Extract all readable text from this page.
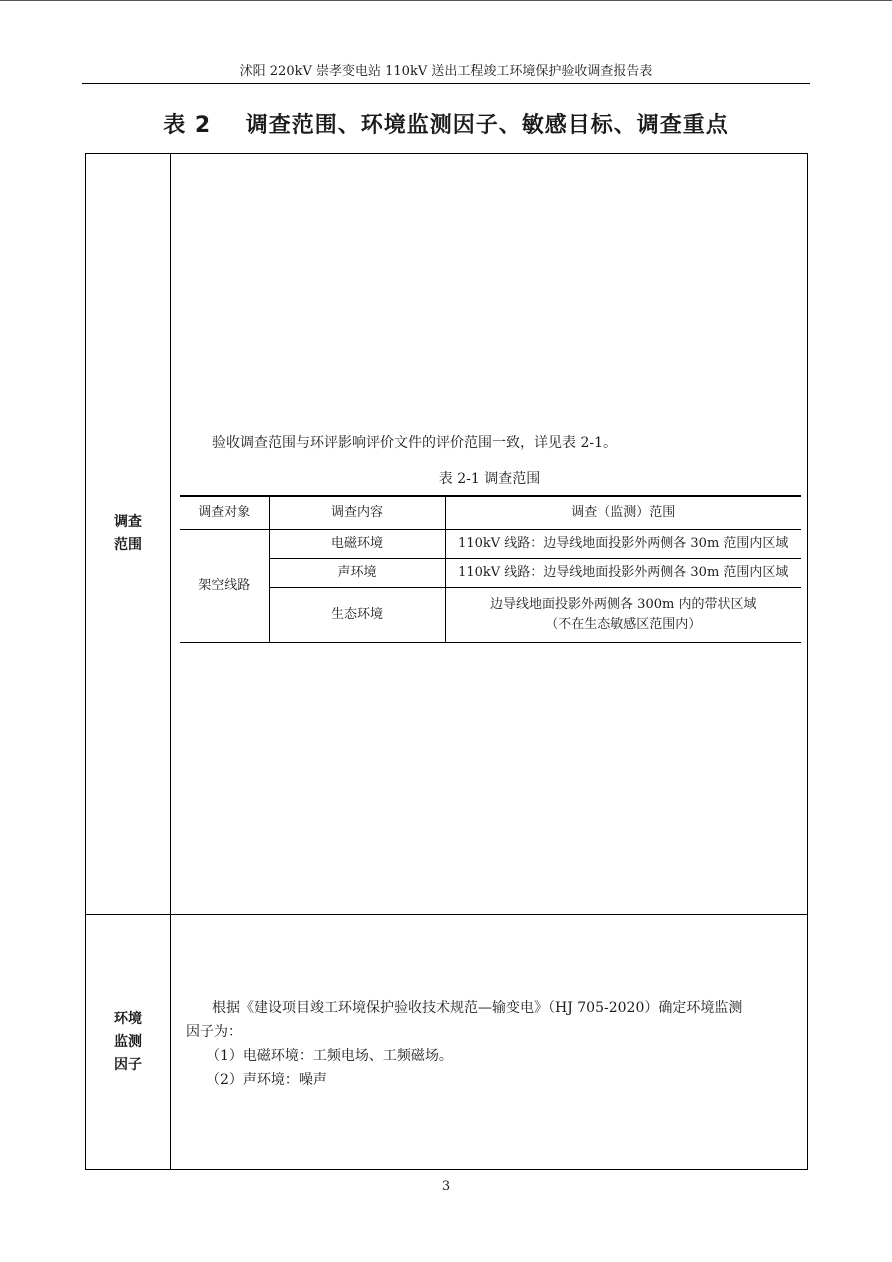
沭阳 220kV 崇孝变电站 110kV 送出工程竣工环境保护验收调查报告表
表 2    调查范围、环境监测因子、敏感目标、调查重点
调查
范围
验收调查范围与环评影响评价文件的评价范围一致，详见表 2-1。
表 2-1 调查范围
调查对象	调查内容	调查（监测）范围
架空线路	电磁环境	110kV 线路：边导线地面投影外两侧各 30m 范围内区域
	声环境	110kV 线路：边导线地面投影外两侧各 30m 范围内区域
	生态环境	边导线地面投影外两侧各 300m 内的带状区域
（不在生态敏感区范围内）
环境
监测
因子
根据《建设项目竣工环境保护验收技术规范—输变电》（HJ 705-2020）确定环境监测
因子为：
（1）电磁环境：工频电场、工频磁场。
（2）声环境：噪声
3
